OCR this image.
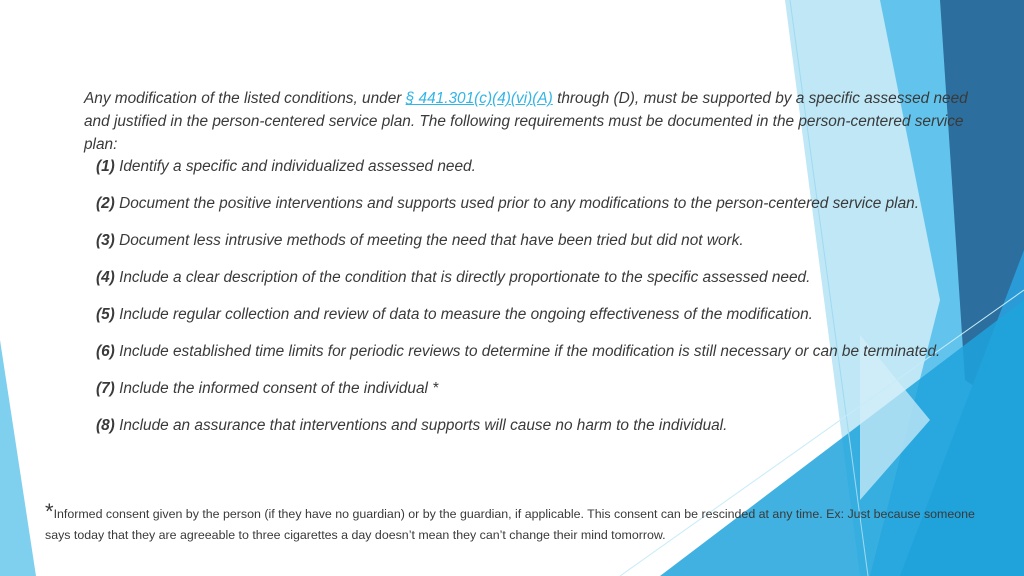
Any modification of the listed conditions, under § 441.301(c)(4)(vi)(A) through (D), must be supported by a specific assessed need and justified in the person-centered service plan. The following requirements must be documented in the person-centered service plan:

(1) Identify a specific and individualized assessed need.

(2) Document the positive interventions and supports used prior to any modifications to the person-centered service plan.

(3) Document less intrusive methods of meeting the need that have been tried but did not work.

(4) Include a clear description of the condition that is directly proportionate to the specific assessed need.

(5) Include regular collection and review of data to measure the ongoing effectiveness of the modification.

(6) Include established time limits for periodic reviews to determine if the modification is still necessary or can be terminated.

(7) Include the informed consent of the individual *

(8) Include an assurance that interventions and supports will cause no harm to the individual.

*Informed consent given by the person (if they have no guardian) or by the guardian, if applicable. This consent can be rescinded at any time. Ex: Just because someone says today that they are agreeable to three cigarettes a day doesn’t mean they can’t change their mind tomorrow.
